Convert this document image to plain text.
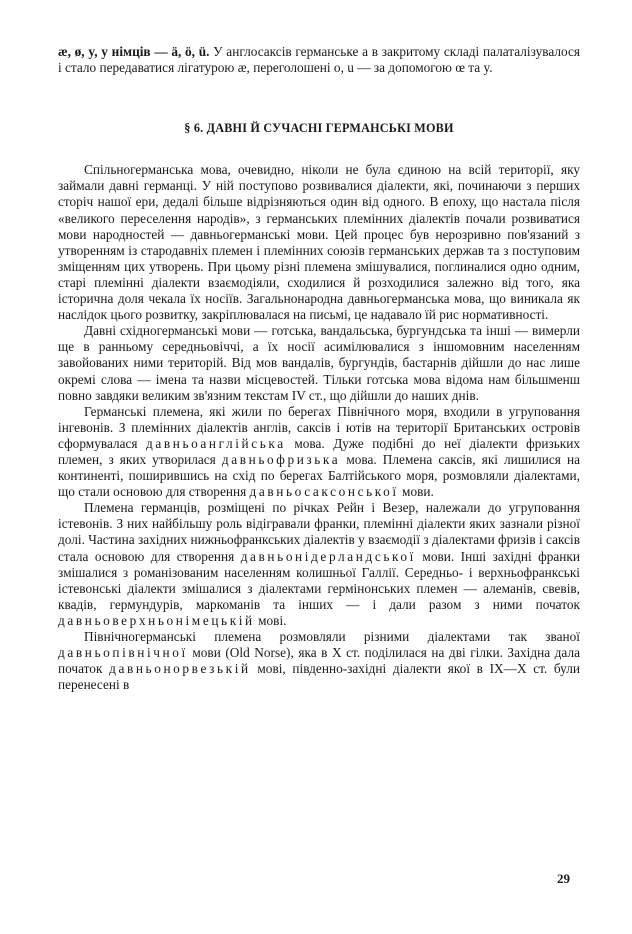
æ, ø, y, у німців — ä, ö, ü. У англосаксів германське а в закритому складі палаталізувалося і стало передаватися лігатурою æ, переголошені о, u — за допомогою œ та y.

§ 6. ДАВНІ Й СУЧАСНІ ГЕРМАНСЬКІ МОВИ

Спільногерманська мова, очевидно, ніколи не була єдиною на всій території, яку займали давні германці. У ній поступово розвивалися діалекти, які, починаючи з перших сторіч нашої ери, дедалі більше відрізняються один від одного. В епоху, що настала після «великого переселення народів», з германських племінних діалектів почали розвиватися мови народностей — давньогерманські мови. Цей процес був нерозривно пов'язаний з утворенням із стародавніх племен і племінних союзів германських держав та з поступовим зміщенням цих утворень. При цьому різні племена змішувалися, поглиналися одно одним, старі племінні діалекти взаємодіяли, сходилися й розходилися залежно від того, яка історична доля чекала їх носіїв. Загальнонародна давньогерманська мова, що виникала як наслідок цього розвитку, закріплювалася на письмі, це надавало їй рис нормативності.

Давні східногерманські мови — готська, вандальська, бургундська та інші — вимерли ще в ранньому середньовіччі, а їх носії асимілювалися з іншомовним населенням завойованих ними територій. Від мов вандалів, бургундів, бастарнів дійшли до нас лише окремі слова — імена та назви місцевостей. Тільки готська мова відома нам більшменш повно завдяки великим зв'язним текстам IV ст., що дійшли до наших днів.

Германські племена, які жили по берегах Північного моря, входили в угруповання інгевонів. З племінних діалектів англів, саксів і ютів на території Британських островів сформувалася давньоанглійська мова. Дуже подібні до неї діалекти фризьких племен, з яких утворилася давньофризька мова. Племена саксів, які лишилися на континенті, поширившись на схід по берегах Балтійського моря, розмовляли діалектами, що стали основою для створення давньосаксонської мови.

Племена германців, розміщені по річках Рейн і Везер, належали до угруповання істевонів. З них найбільшу роль відігравали франки, племінні діалекти яких зазнали різної долі. Частина західних нижньофранкських діалектів у взаємодії з діалектами фризів і саксів стала основою для створення давньонідерландської мови. Інші західні франки змішалися з романізованим населенням колишньої Галлії. Середньо- і верхньофранкські істевонські діалекти змішалися з діалектами гермінонських племен — алеманів, свевів, квадів, гермундурів, маркоманів та інших — і дали разом з ними початок давньоверхньонімецькій мові.

Північногерманські племена розмовляли різними діалектами так званої давньопівнічної мови (Old Norse), яка в X ст. поділилася на дві гілки. Західна дала початок давньонорвезькій мові, південно-західні діалекти якої в IX—X ст. були перенесені в

29
